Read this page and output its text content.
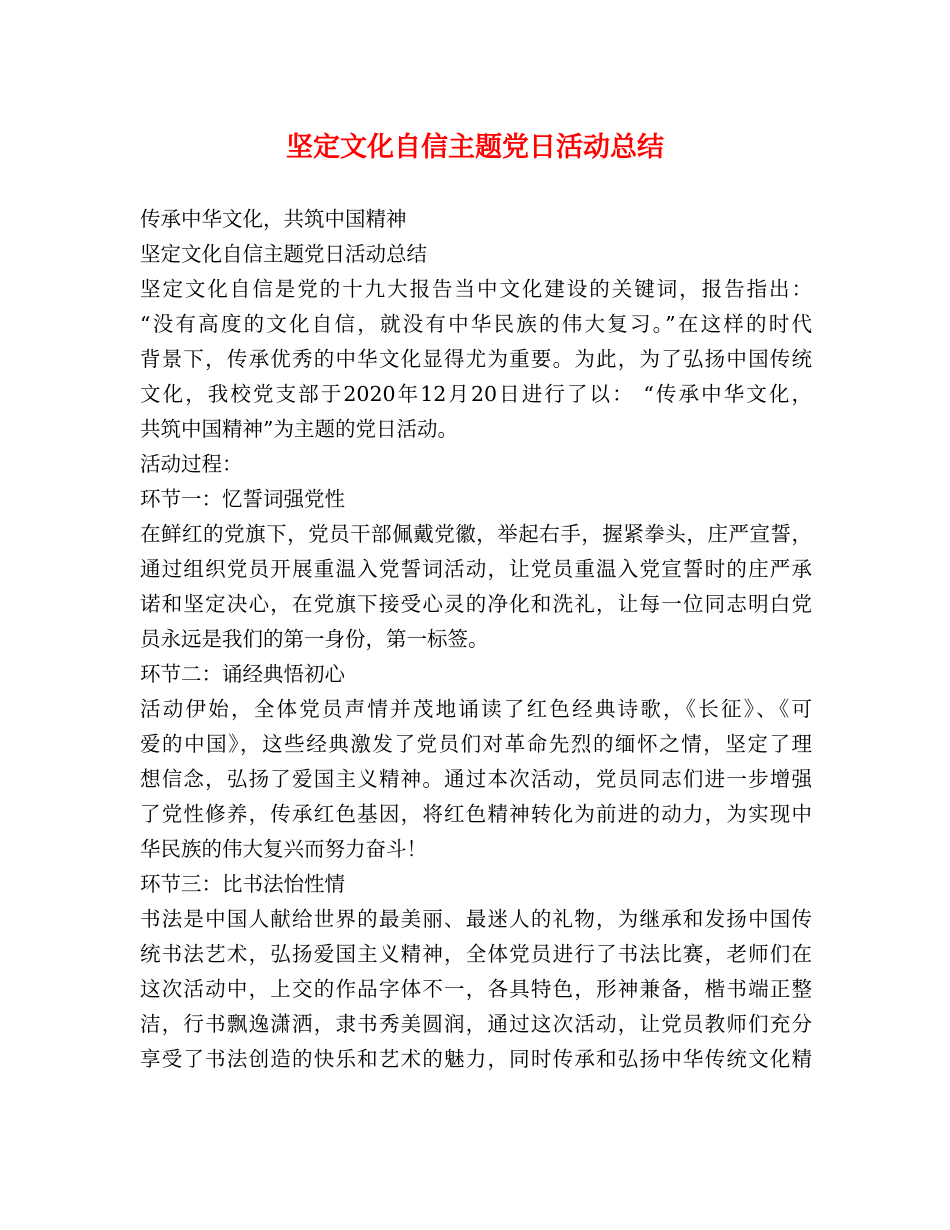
坚定文化自信主题党日活动总结
传承中华文化，共筑中国精神
坚定文化自信主题党日活动总结
坚定文化自信是党的十九大报告当中文化建设的关键词，报告指出：
“没有高度的文化自信，就没有中华民族的伟大复习。”在这样的时代
背景下，传承优秀的中华文化显得尤为重要。为此，为了弘扬中国传统
文化，我校党支部于2020年12月20日进行了以： “传承中华文化，
共筑中国精神”为主题的党日活动。
活动过程：
环节一：忆誓词强党性
在鲜红的党旗下，党员干部佩戴党徽，举起右手，握紧拳头，庄严宣誓，
通过组织党员开展重温入党誓词活动，让党员重温入党宣誓时的庄严承
诺和坚定决心，在党旗下接受心灵的净化和洗礼，让每一位同志明白党
员永远是我们的第一身份，第一标签。
环节二：诵经典悟初心
活动伊始，全体党员声情并茂地诵读了红色经典诗歌，《长征》、《可
爱的中国》，这些经典激发了党员们对革命先烈的缅怀之情，坚定了理
想信念，弘扬了爱国主义精神。通过本次活动，党员同志们进一步增强
了党性修养，传承红色基因，将红色精神转化为前进的动力，为实现中
华民族的伟大复兴而努力奋斗！
环节三：比书法怡性情
书法是中国人献给世界的最美丽、最迷人的礼物，为继承和发扬中国传
统书法艺术，弘扬爱国主义精神，全体党员进行了书法比赛，老师们在
这次活动中，上交的作品字体不一，各具特色，形神兼备，楷书端正整
洁，行书飘逸潇洒，隶书秀美圆润，通过这次活动，让党员教师们充分
享受了书法创造的快乐和艺术的魅力，同时传承和弘扬中华传统文化精
